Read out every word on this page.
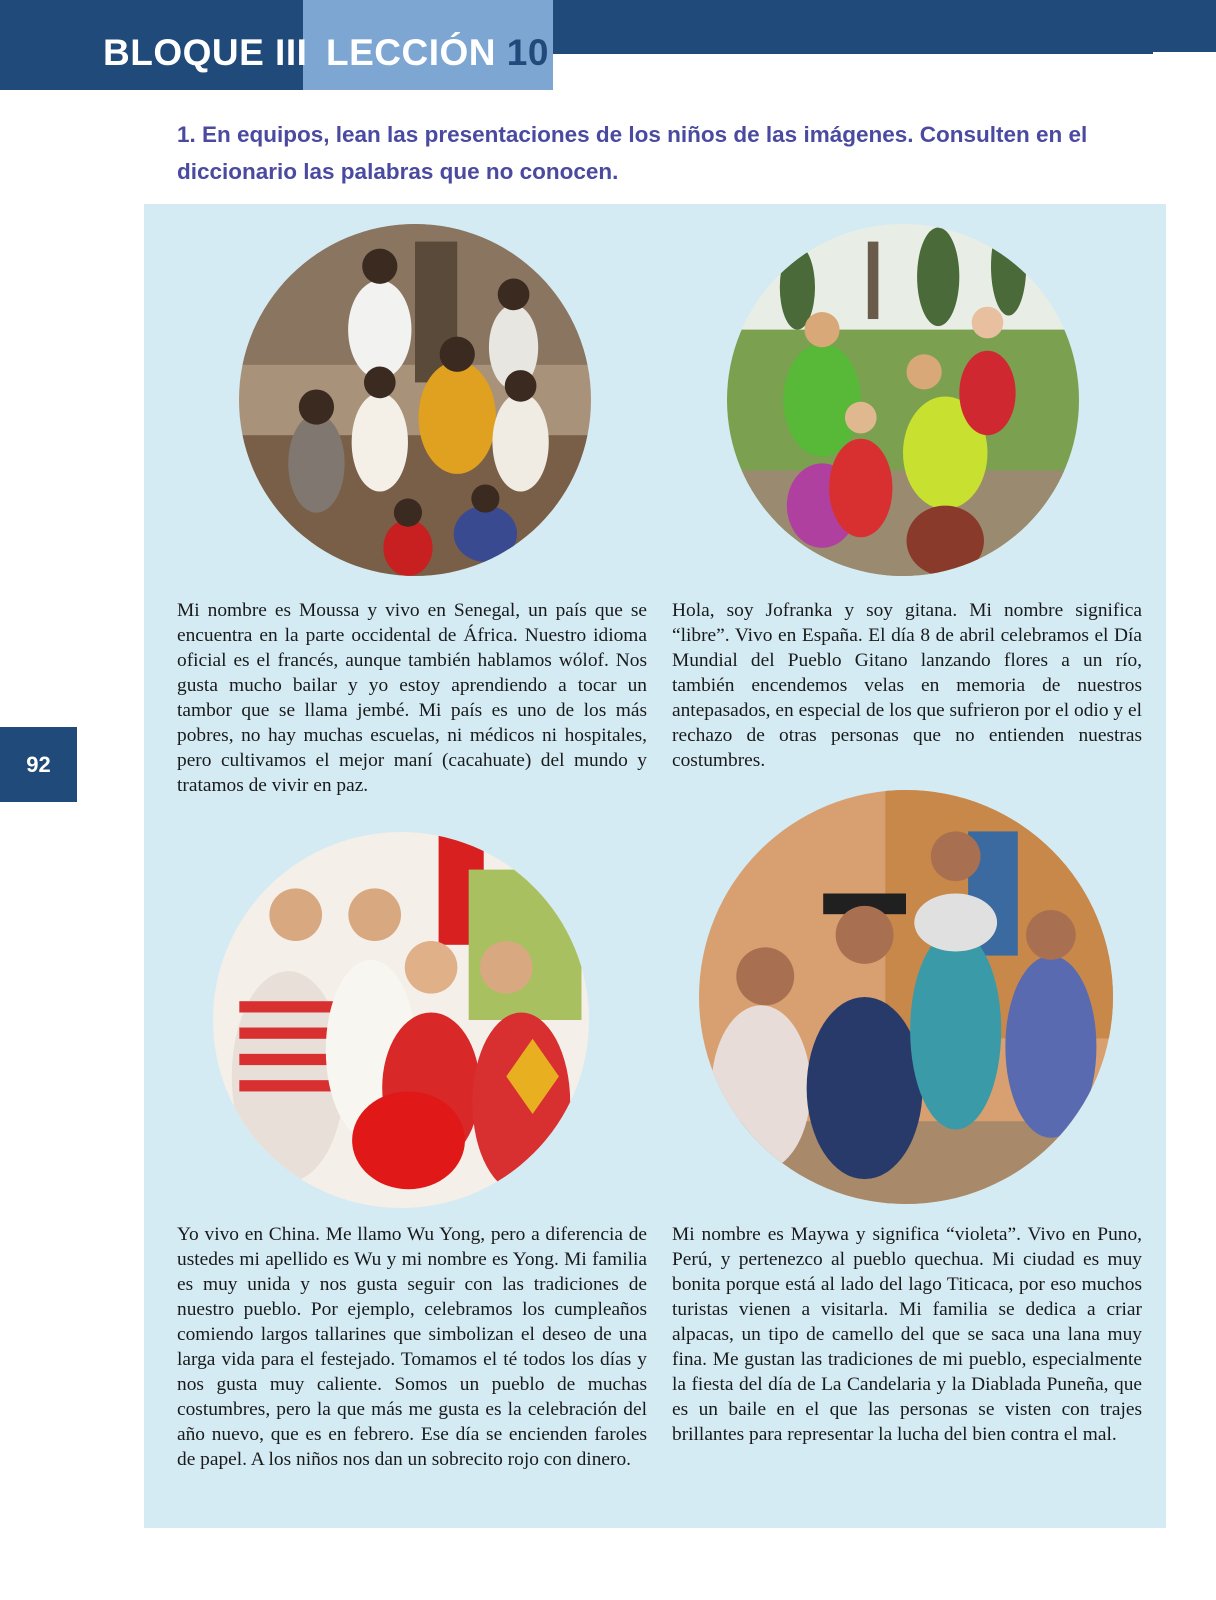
BLOQUE III LECCIÓN 10
92
1. En equipos, lean las presentaciones de los niños de las imágenes. Consulten en el diccionario las palabras que no conocen.
Mi nombre es Moussa y vivo en Senegal, un país que se encuentra en la parte occidental de África. Nuestro idioma oficial es el francés, aunque también hablamos wólof. Nos gusta mucho bailar y yo estoy aprendiendo a tocar un tambor que se llama jembé. Mi país es uno de los más pobres, no hay muchas escuelas, ni médicos ni hospitales, pero cultivamos el mejor maní (cacahuate) del mundo y tratamos de vivir en paz.
Hola, soy Jofranka y soy gitana. Mi nombre significa “libre”. Vivo en España. El día 8 de abril celebramos el Día Mundial del Pueblo Gitano lanzando flores a un río, también encendemos velas en memoria de nuestros antepasados, en especial de los que sufrieron por el odio y el rechazo de otras personas que no entienden nuestras costumbres.
Yo vivo en China. Me llamo Wu Yong, pero a diferencia de ustedes mi apellido es Wu y mi nombre es Yong. Mi familia es muy unida y nos gusta seguir con las tradiciones de nuestro pueblo. Por ejemplo, celebramos los cumpleaños comiendo largos tallarines que simbolizan el deseo de una larga vida para el festejado. Tomamos el té todos los días y nos gusta muy caliente. Somos un pueblo de muchas costumbres, pero la que más me gusta es la celebración del año nuevo, que es en febrero. Ese día se encienden faroles de papel. A los niños nos dan un sobrecito rojo con dinero.
Mi nombre es Maywa y significa “violeta”. Vivo en Puno, Perú, y pertenezco al pueblo quechua. Mi ciudad es muy bonita porque está al lado del lago Titicaca, por eso muchos turistas vienen a visitarla. Mi familia se dedica a criar alpacas, un tipo de camello del que se saca una lana muy fina. Me gustan las tradiciones de mi pueblo, especialmente la fiesta del día de La Candelaria y la Diablada Puneña, que es un baile en el que las personas se visten con trajes brillantes para representar la lucha del bien contra el mal.
